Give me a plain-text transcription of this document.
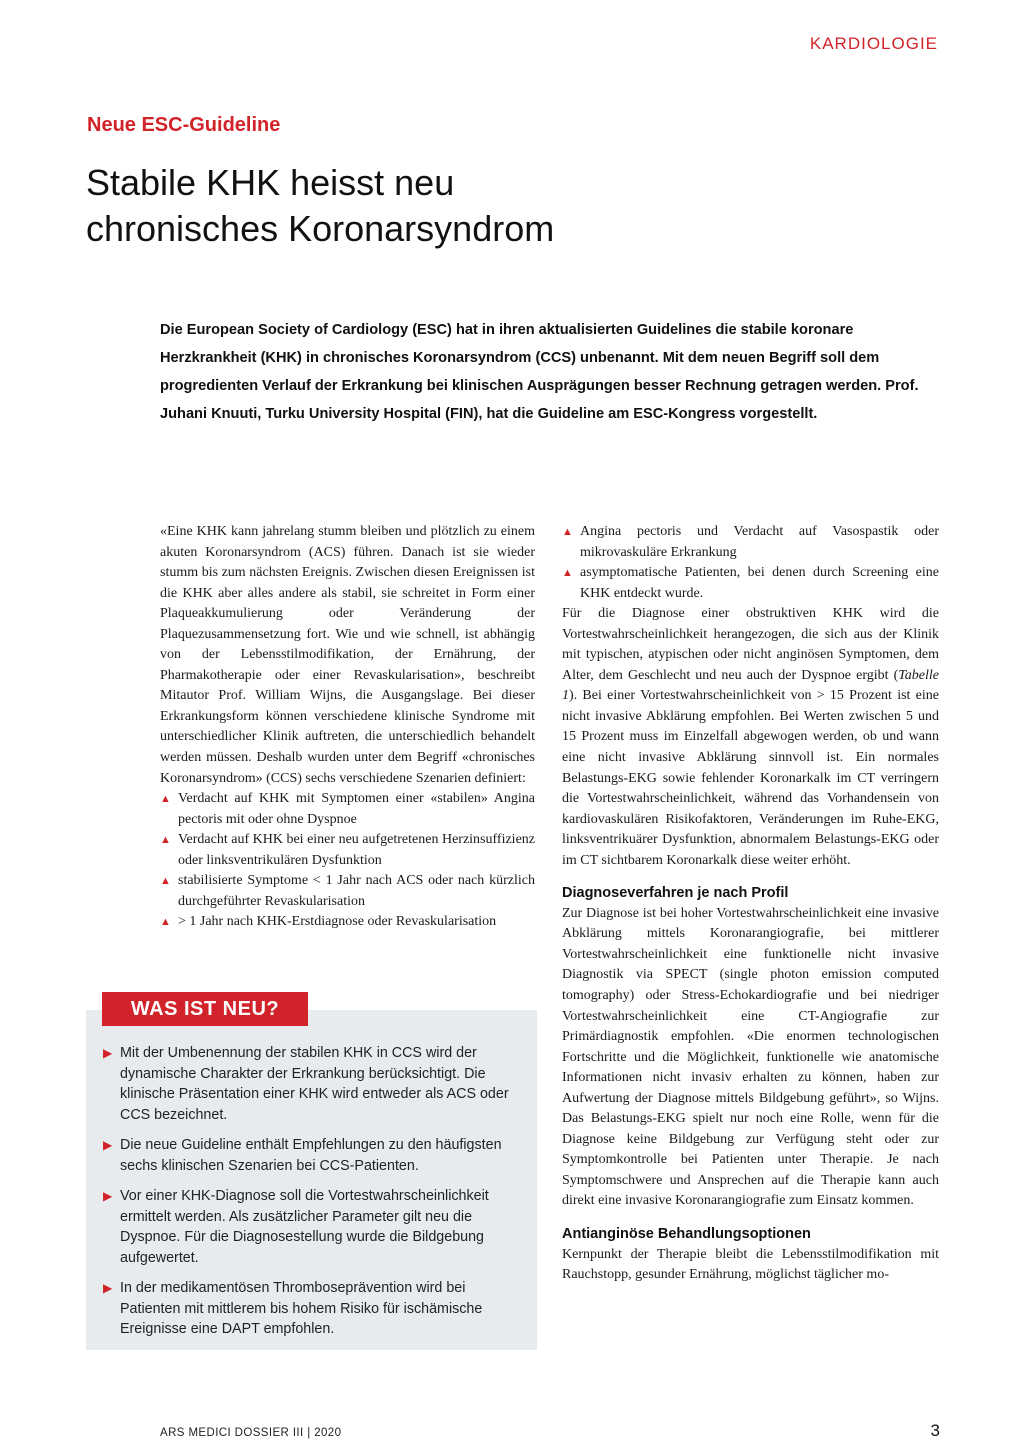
KARDIOLOGIE
Neue ESC-Guideline
Stabile KHK heisst neu
chronisches Koronarsyndrom
Die European Society of Cardiology (ESC) hat in ihren aktualisierten Guidelines die stabile koronare Herzkrankheit (KHK) in chronisches Koronarsyndrom (CCS) unbenannt. Mit dem neuen Begriff soll dem progredienten Verlauf der Erkrankung bei klinischen Ausprägungen besser Rechnung getragen werden. Prof. Juhani Knuuti, Turku University Hospital (FIN), hat die Guideline am ESC-Kongress vorgestellt.

«Eine KHK kann jahrelang stumm bleiben und plötzlich zu einem akuten Koronarsyndrom (ACS) führen. Danach ist sie wieder stumm bis zum nächsten Ereignis. Zwischen diesen Ereignissen ist die KHK aber alles andere als stabil, sie schreitet in Form einer Plaqueakkumulierung oder Veränderung der Plaquezusammensetzung fort. Wie und wie schnell, ist abhängig von der Lebensstilmodifikation, der Ernährung, der Pharmakotherapie oder einer Revaskularisation», beschreibt Mitautor Prof. William Wijns, die Ausgangslage. Bei dieser Erkrankungsform können verschiedene klinische Syndrome mit unterschiedlicher Klinik auftreten, die unterschiedlich behandelt werden müssen. Deshalb wurden unter dem Begriff «chronisches Koronarsyndrom» (CCS) sechs verschiedene Szenarien definiert:

▲ Verdacht auf KHK mit Symptomen einer «stabilen» Angina pectoris mit oder ohne Dyspnoe
▲ Verdacht auf KHK bei einer neu aufgetretenen Herzinsuffizienz oder linksventrikulären Dysfunktion
▲ stabilisierte Symptome < 1 Jahr nach ACS oder nach kürzlich durchgeführter Revaskularisation
▲ > 1 Jahr nach KHK-Erstdiagnose oder Revaskularisation
WAS IST NEU?
▶ Mit der Umbenennung der stabilen KHK in CCS wird der dynamische Charakter der Erkrankung berücksichtigt. Die klinische Präsentation einer KHK wird entweder als ACS oder CCS bezeichnet.
▶ Die neue Guideline enthält Empfehlungen zu den häufigsten sechs klinischen Szenarien bei CCS-Patienten.
▶ Vor einer KHK-Diagnose soll die Vortestwahrscheinlichkeit ermittelt werden. Als zusätzlicher Parameter gilt neu die Dyspnoe. Für die Diagnosestellung wurde die Bildgebung aufgewertet.
▶ In der medikamentösen Thromboseprävention wird bei Patienten mit mittlerem bis hohem Risiko für ischämische Ereignisse eine DAPT empfohlen.
▲ Angina pectoris und Verdacht auf Vasospastik oder mikrovaskuläre Erkrankung
▲ asymptomatische Patienten, bei denen durch Screening eine KHK entdeckt wurde.

Für die Diagnose einer obstruktiven KHK wird die Vortestwahrscheinlichkeit herangezogen, die sich aus der Klinik mit typischen, atypischen oder nicht anginösen Symptomen, dem Alter, dem Geschlecht und neu auch der Dyspnoe ergibt (Tabelle 1). Bei einer Vortestwahrscheinlichkeit von > 15 Prozent ist eine nicht invasive Abklärung empfohlen. Bei Werten zwischen 5 und 15 Prozent muss im Einzelfall abgewogen werden, ob und wann eine nicht invasive Abklärung sinnvoll ist. Ein normales Belastungs-EKG sowie fehlender Koronarkalk im CT verringern die Vortestwahrscheinlichkeit, während das Vorhandensein von kardiovaskulären Risikofaktoren, Veränderungen im Ruhe-EKG, linksventrikuärer Dysfunktion, abnormalem Belastungs-EKG oder im CT sichtbarem Koronarkalk diese weiter erhöht.

Diagnoseverfahren je nach Profil

Zur Diagnose ist bei hoher Vortestwahrscheinlichkeit eine invasive Abklärung mittels Koronarangiografie, bei mittlerer Vortestwahrscheinlichkeit eine funktionelle nicht invasive Diagnostik via SPECT (single photon emission computed tomography) oder Stress-Echokardiografie und bei niedriger Vortestwahrscheinlichkeit eine CT-Angiografie zur Primärdiagnostik empfohlen. «Die enormen technologischen Fortschritte und die Möglichkeit, funktionelle wie anatomische Informationen nicht invasiv erhalten zu können, haben zur Aufwertung der Diagnose mittels Bildgebung geführt», so Wijns. Das Belastungs-EKG spielt nur noch eine Rolle, wenn für die Diagnose keine Bildgebung zur Verfügung steht oder zur Symptomkontrolle bei Patienten unter Therapie. Je nach Symptomschwere und Ansprechen auf die Therapie kann auch direkt eine invasive Koronarangiografie zum Einsatz kommen.

Antianginöse Behandlungsoptionen

Kernpunkt der Therapie bleibt die Lebensstilmodifikation mit Rauchstopp, gesunder Ernährung, möglichst täglicher mo-

ARS MEDICI DOSSIER III | 2020	3
